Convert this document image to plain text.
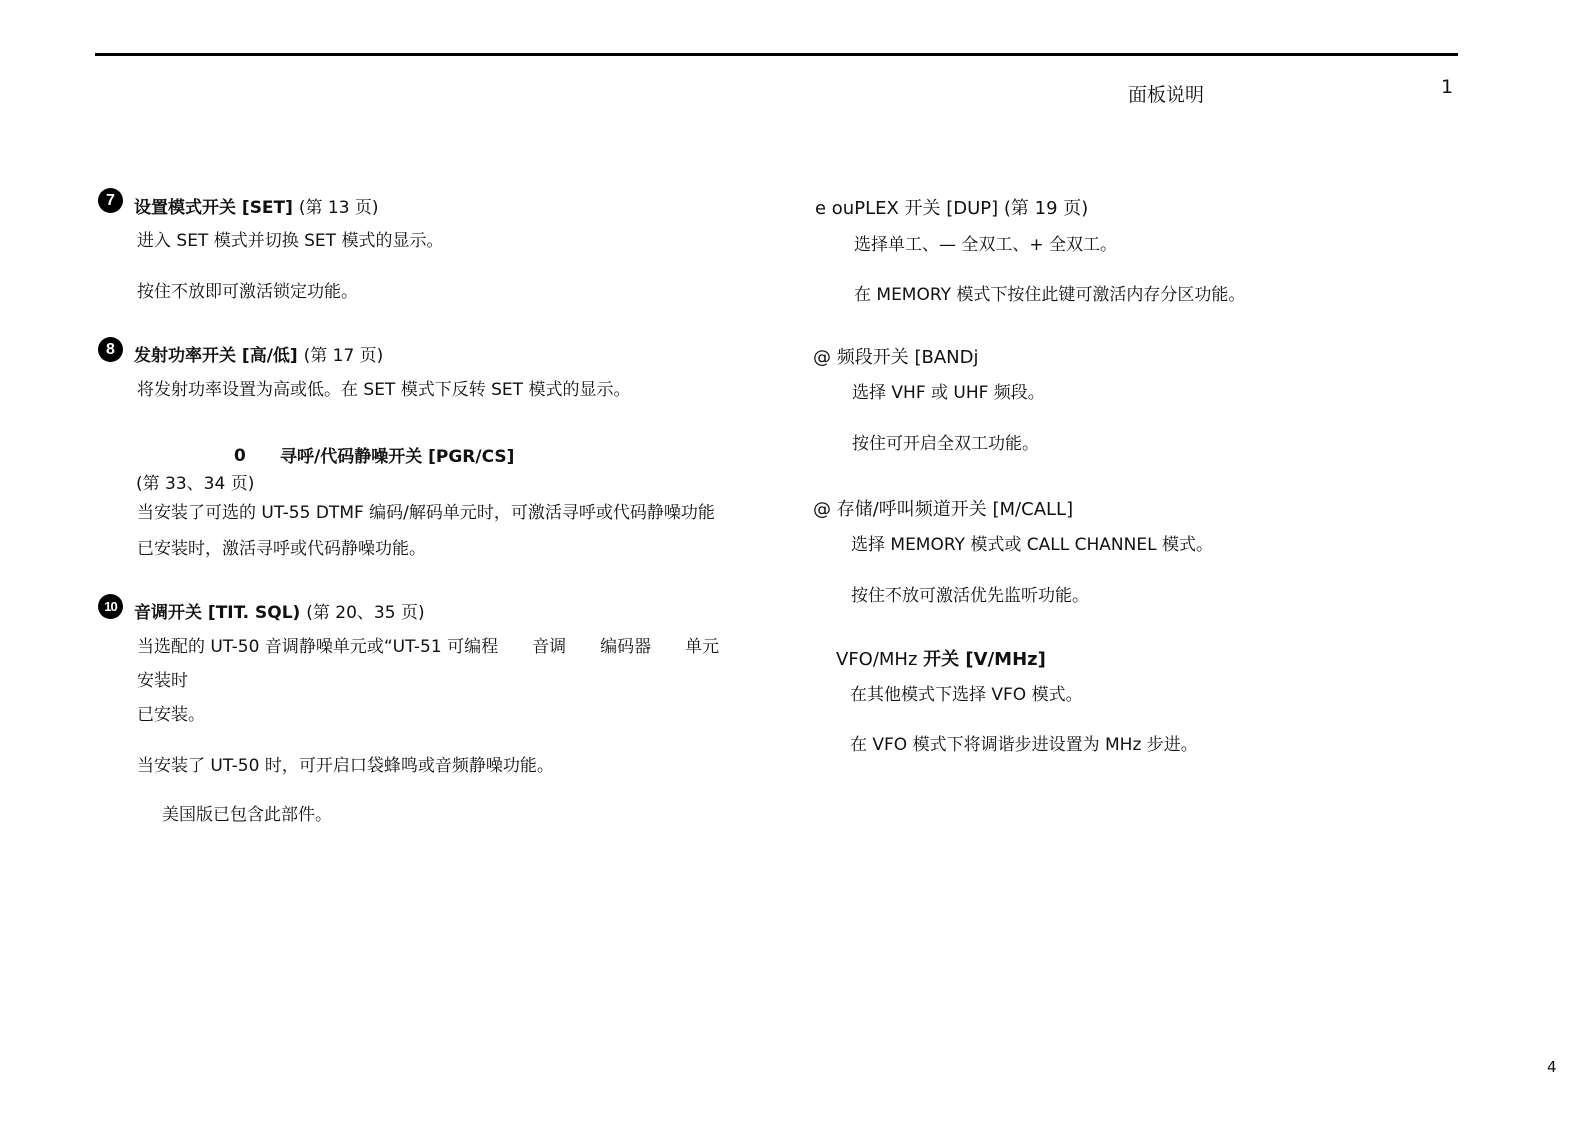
面板说明	1
7	设置模式开关 [SET] (第 13 页)
进入 SET 模式并切换 SET 模式的显示。
按住不放即可激活锁定功能。
8	发射功率开关 [高/低] (第 17 页)
将发射功率设置为高或低。在 SET 模式下反转 SET 模式的显示。
0 寻呼/代码静噪开关 [PGR/CS]
(第 33、34 页)
当安装了可选的 UT-55 DTMF 编码/解码单元时，可激活寻呼或代码静噪功能
已安装时，激活寻呼或代码静噪功能。
10	音调开关 [TIT. SQL) (第 20、35 页)
当选配的 UT-50 音调静噪单元或“UT-51 可编程 音调 编码器 单元
安装时
已安装。
当安装了 UT-50 时，可开启口袋蜂鸣或音频静噪功能。
美国版已包含此部件。
e ouPLEX 开关 [DUP] (第 19 页)
选择单工、— 全双工、+ 全双工。
在 MEMORY 模式下按住此键可激活内存分区功能。
@ 频段开关 [BANDj
选择 VHF 或 UHF 频段。
按住可开启全双工功能。
@ 存储/呼叫频道开关 [M/CALL]
选择 MEMORY 模式或 CALL CHANNEL 模式。
按住不放可激活优先监听功能。
VFO/MHz 开关 [V/MHz]
在其他模式下选择 VFO 模式。
在 VFO 模式下将调谐步进设置为 MHz 步进。
4
